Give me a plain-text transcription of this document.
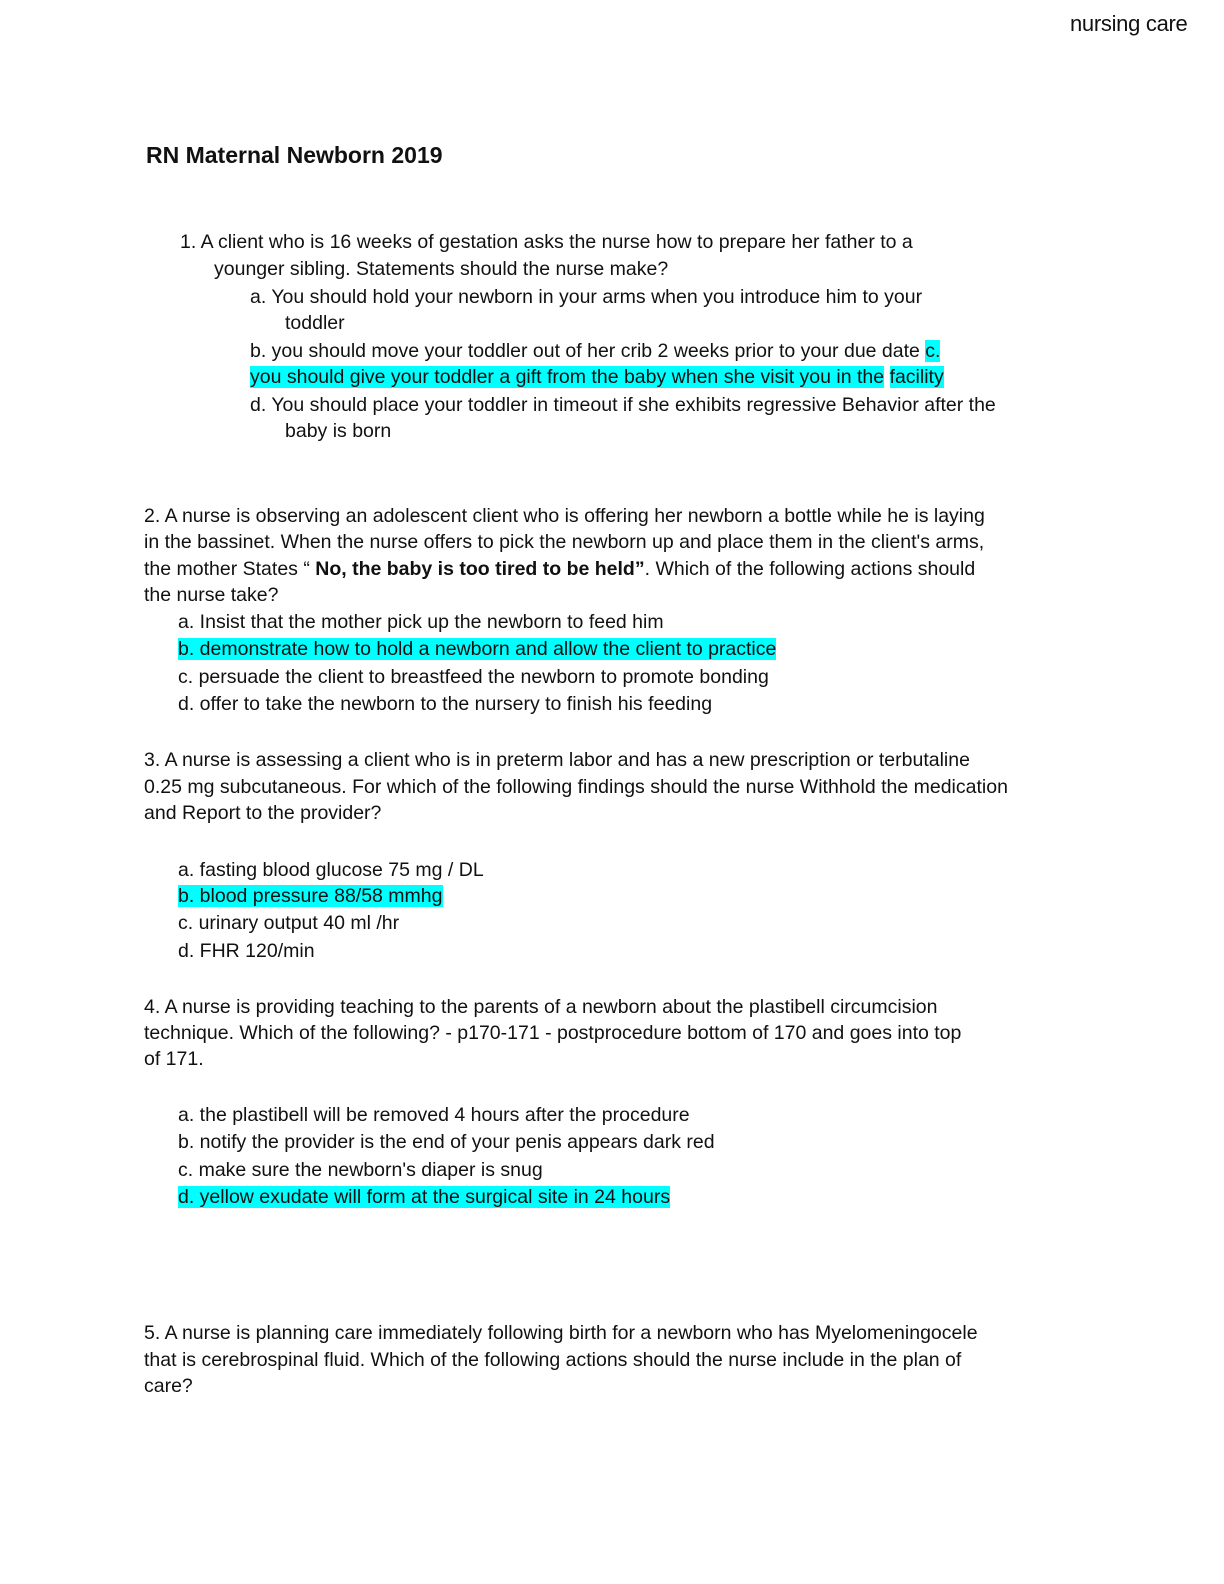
nursing care
RN Maternal Newborn 2019
1. A client who is 16 weeks of gestation asks the nurse how to prepare her father to a
younger sibling. Statements should the nurse make?
a. You should hold your newborn in your arms when you introduce him to your
toddler
b. you should move your toddler out of her crib 2 weeks prior to your due date c.
you should give your toddler a gift from the baby when she visit you in the facility
d. You should place your toddler in timeout if she exhibits regressive Behavior after the
baby is born
2. A nurse is observing an adolescent client who is offering her newborn a bottle while he is laying
in the bassinet. When the nurse offers to pick the newborn up and place them in the client's arms,
the mother States “ No, the baby is too tired to be held”. Which of the following actions should
the nurse take?
a. Insist that the mother pick up the newborn to feed him
b. demonstrate how to hold a newborn and allow the client to practice
c. persuade the client to breastfeed the newborn to promote bonding
d. offer to take the newborn to the nursery to finish his feeding
3. A nurse is assessing a client who is in preterm labor and has a new prescription or terbutaline
0.25 mg subcutaneous. For which of the following findings should the nurse Withhold the medication
and Report to the provider?
a. fasting blood glucose 75 mg / DL
b. blood pressure 88/58 mmhg
c. urinary output 40 ml /hr
d. FHR 120/min
4. A nurse is providing teaching to the parents of a newborn about the plastibell circumcision
technique. Which of the following? - p170-171 - postprocedure bottom of 170 and goes into top
of 171.
a. the plastibell will be removed 4 hours after the procedure
b. notify the provider is the end of your penis appears dark red
c. make sure the newborn's diaper is snug
d. yellow exudate will form at the surgical site in 24 hours
5. A nurse is planning care immediately following birth for a newborn who has Myelomeningocele
that is cerebrospinal fluid. Which of the following actions should the nurse include in the plan of
care?
